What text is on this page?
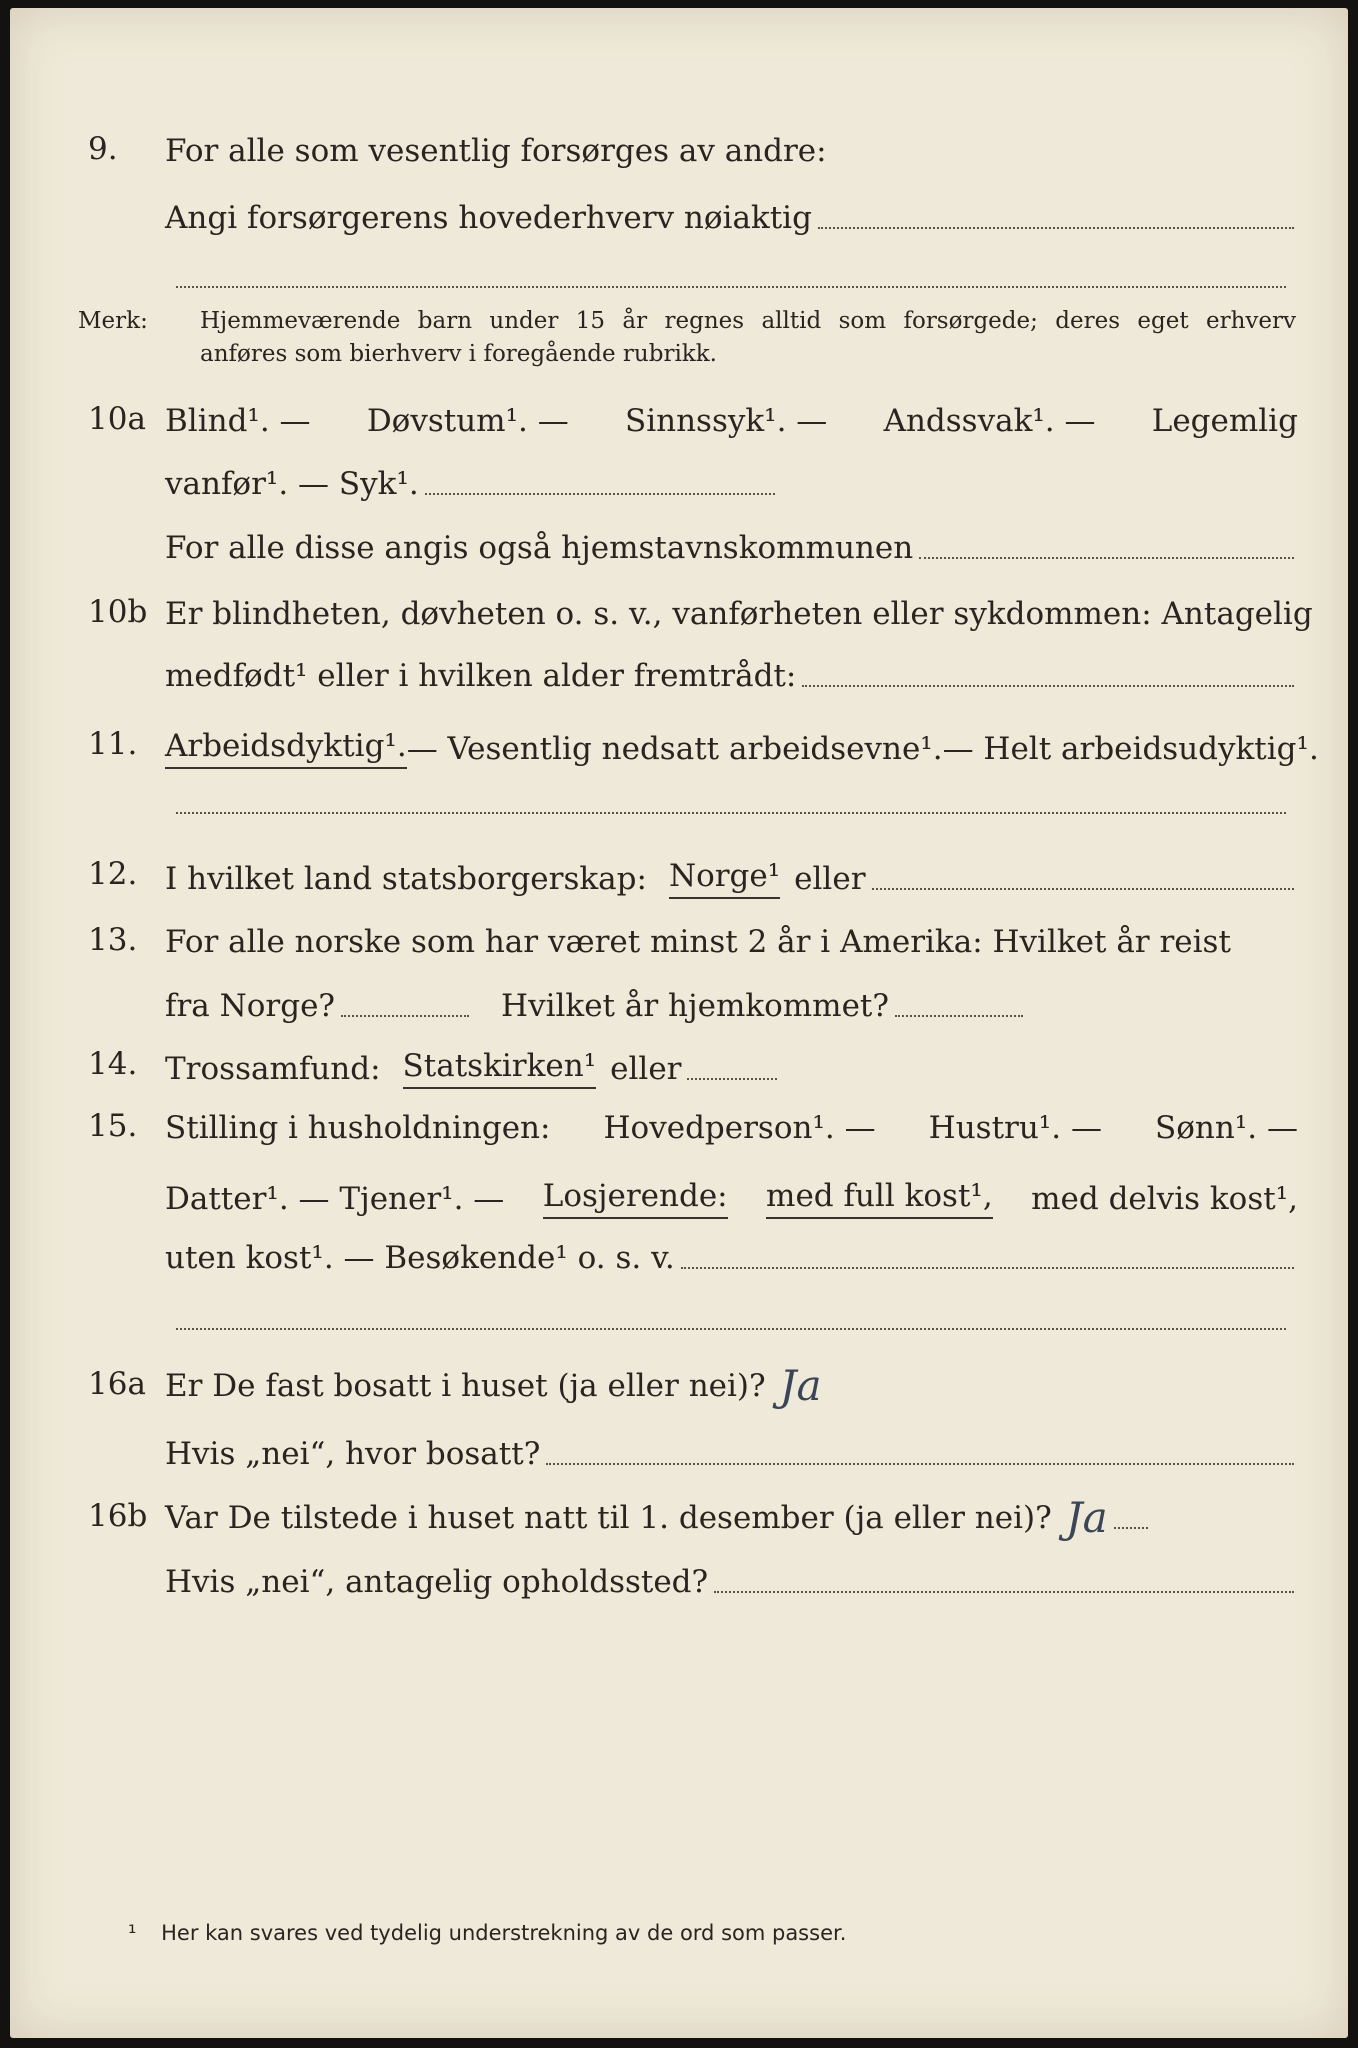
9. For alle som vesentlig forsørges av andre:
Angi forsørgerens hovederhverv nøiaktig
Merk: Hjemmeværende barn under 15 år regnes alltid som forsørgede; deres eget erhverv
anføres som bierhverv i foregående rubrikk.
10a Blind¹. — Døvstum¹. — Sinnssyk¹. — Andssvak¹. — Legemlig
vanfør¹. — Syk¹.
For alle disse angis også hjemstavnskommunen
10b Er blindheten, døvheten o. s. v., vanførheten eller sykdommen: Antagelig
medfødt¹ eller i hvilken alder fremtrådt:
11. Arbeidsdyktig¹. — Vesentlig nedsatt arbeidsevne¹. — Helt arbeidsudyktig¹.
12. I hvilket land statsborgerskap: Norge¹ eller
13. For alle norske som har været minst 2 år i Amerika: Hvilket år reist
fra Norge?	Hvilket år hjemkommet?
14. Trossamfund: Statskirken¹ eller
15. Stilling i husholdningen: Hovedperson¹. — Hustru¹. — Sønn¹. —
Datter¹. — Tjener¹. — Losjerende: med full kost¹, med delvis kost¹,
uten kost¹. — Besøkende¹ o. s. v.
16a Er De fast bosatt i huset (ja eller nei)? Ja
Hvis „nei“, hvor bosatt?
16b Var De tilstede i huset natt til 1. desember (ja eller nei)? Ja
Hvis „nei“, antagelig opholdssted?
¹ Her kan svares ved tydelig understrekning av de ord som passer.
